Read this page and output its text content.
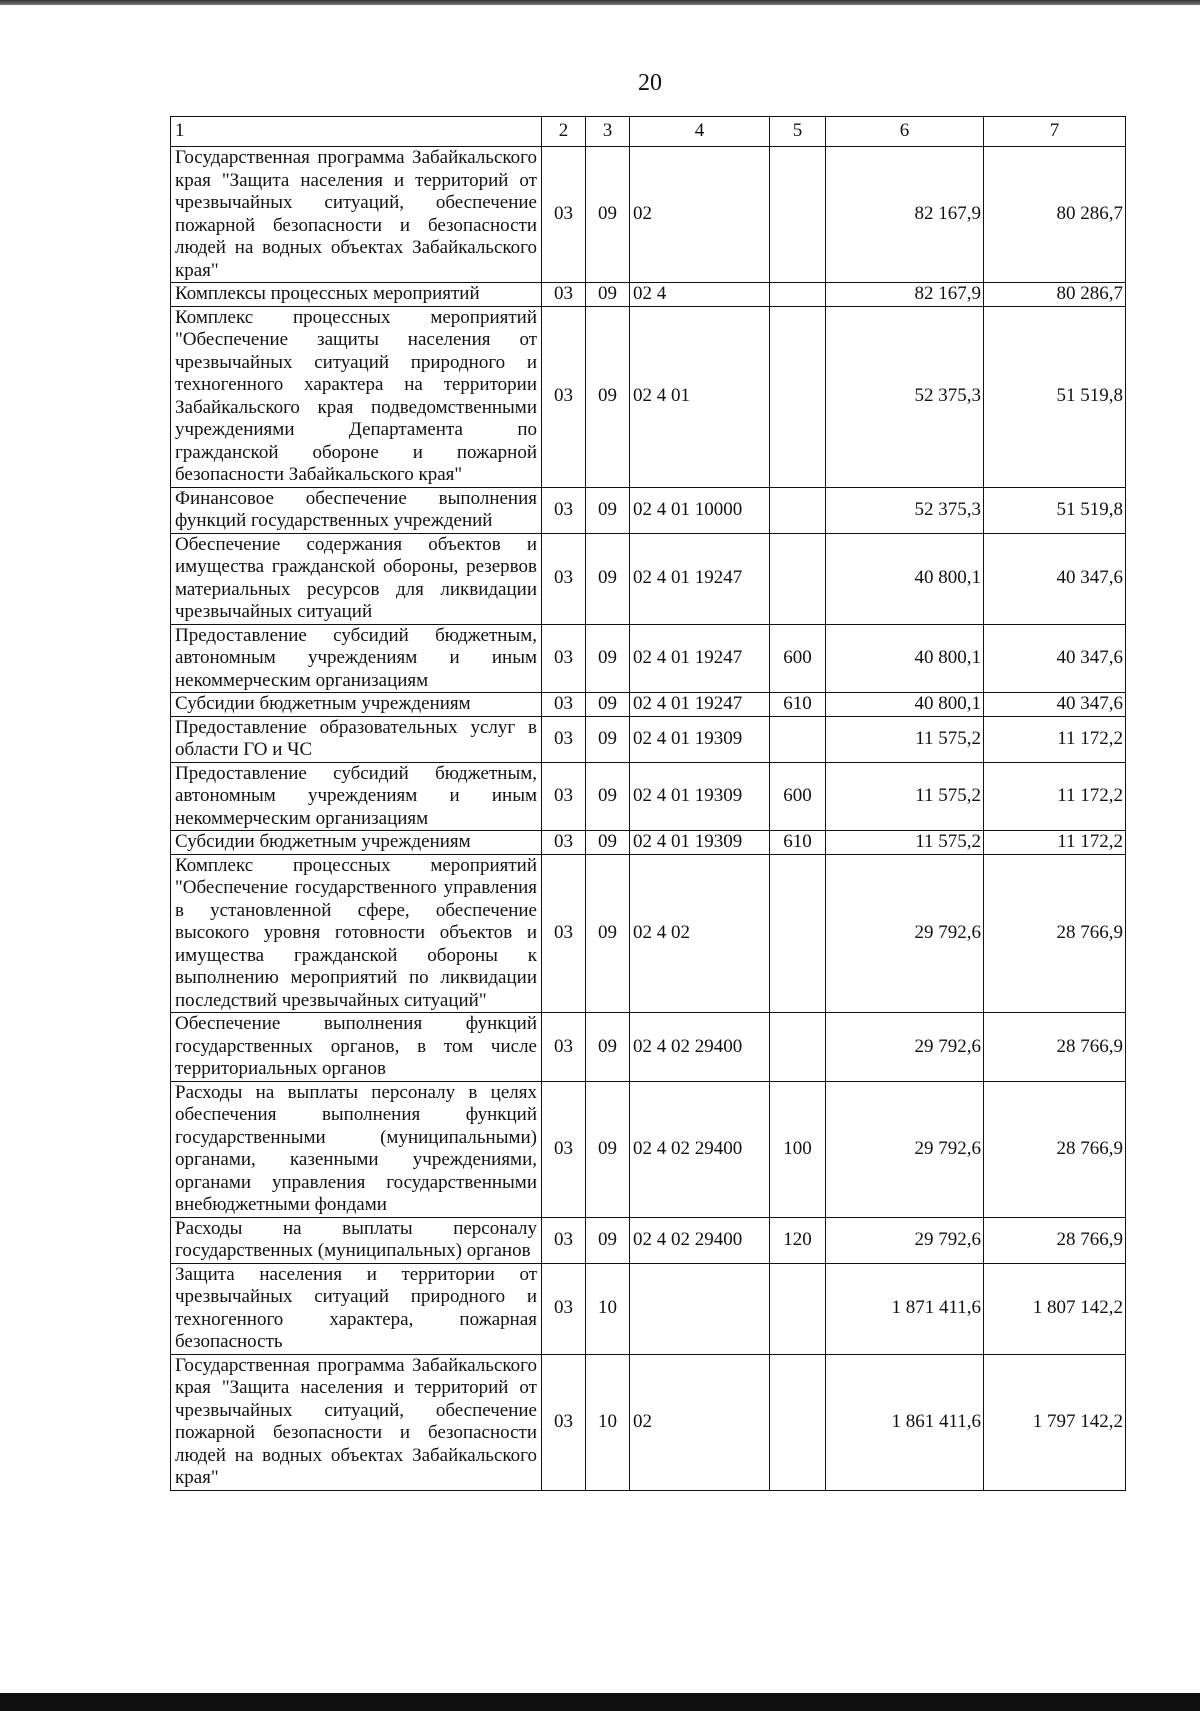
20
1	2	3	4	5	6	7
Государственная программа Забайкальского края "Защита населения и территорий от чрезвычайных ситуаций, обеспечение пожарной безопасности и безопасности людей на водных объектах Забайкальского края"	03	09	02		82 167,9	80 286,7
Комплексы процессных мероприятий	03	09	02 4		82 167,9	80 286,7
Комплекс процессных мероприятий "Обеспечение защиты населения от чрезвычайных ситуаций природного и техногенного характера на территории Забайкальского края подведомственными учреждениями Департамента по гражданской обороне и пожарной безопасности Забайкальского края"	03	09	02 4 01		52 375,3	51 519,8
Финансовое обеспечение выполнения функций государственных учреждений	03	09	02 4 01 10000		52 375,3	51 519,8
Обеспечение содержания объектов и имущества гражданской обороны, резервов материальных ресурсов для ликвидации чрезвычайных ситуаций	03	09	02 4 01 19247		40 800,1	40 347,6
Предоставление субсидий бюджетным, автономным учреждениям и иным некоммерческим организациям	03	09	02 4 01 19247	600	40 800,1	40 347,6
Субсидии бюджетным учреждениям	03	09	02 4 01 19247	610	40 800,1	40 347,6
Предоставление образовательных услуг в области ГО и ЧС	03	09	02 4 01 19309		11 575,2	11 172,2
Предоставление субсидий бюджетным, автономным учреждениям и иным некоммерческим организациям	03	09	02 4 01 19309	600	11 575,2	11 172,2
Субсидии бюджетным учреждениям	03	09	02 4 01 19309	610	11 575,2	11 172,2
Комплекс процессных мероприятий "Обеспечение государственного управления в установленной сфере, обеспечение высокого уровня готовности объектов и имущества гражданской обороны к выполнению мероприятий по ликвидации последствий чрезвычайных ситуаций"	03	09	02 4 02		29 792,6	28 766,9
Обеспечение выполнения функций государственных органов, в том числе территориальных органов	03	09	02 4 02 29400		29 792,6	28 766,9
Расходы на выплаты персоналу в целях обеспечения выполнения функций государственными (муниципальными) органами, казенными учреждениями, органами управления государственными внебюджетными фондами	03	09	02 4 02 29400	100	29 792,6	28 766,9
Расходы на выплаты персоналу государственных (муниципальных) органов	03	09	02 4 02 29400	120	29 792,6	28 766,9
Защита населения и территории от чрезвычайных ситуаций природного и техногенного характера, пожарная безопасность	03	10			1 871 411,6	1 807 142,2
Государственная программа Забайкальского края "Защита населения и территорий от чрезвычайных ситуаций, обеспечение пожарной безопасности и безопасности людей на водных объектах Забайкальского края"	03	10	02		1 861 411,6	1 797 142,2
